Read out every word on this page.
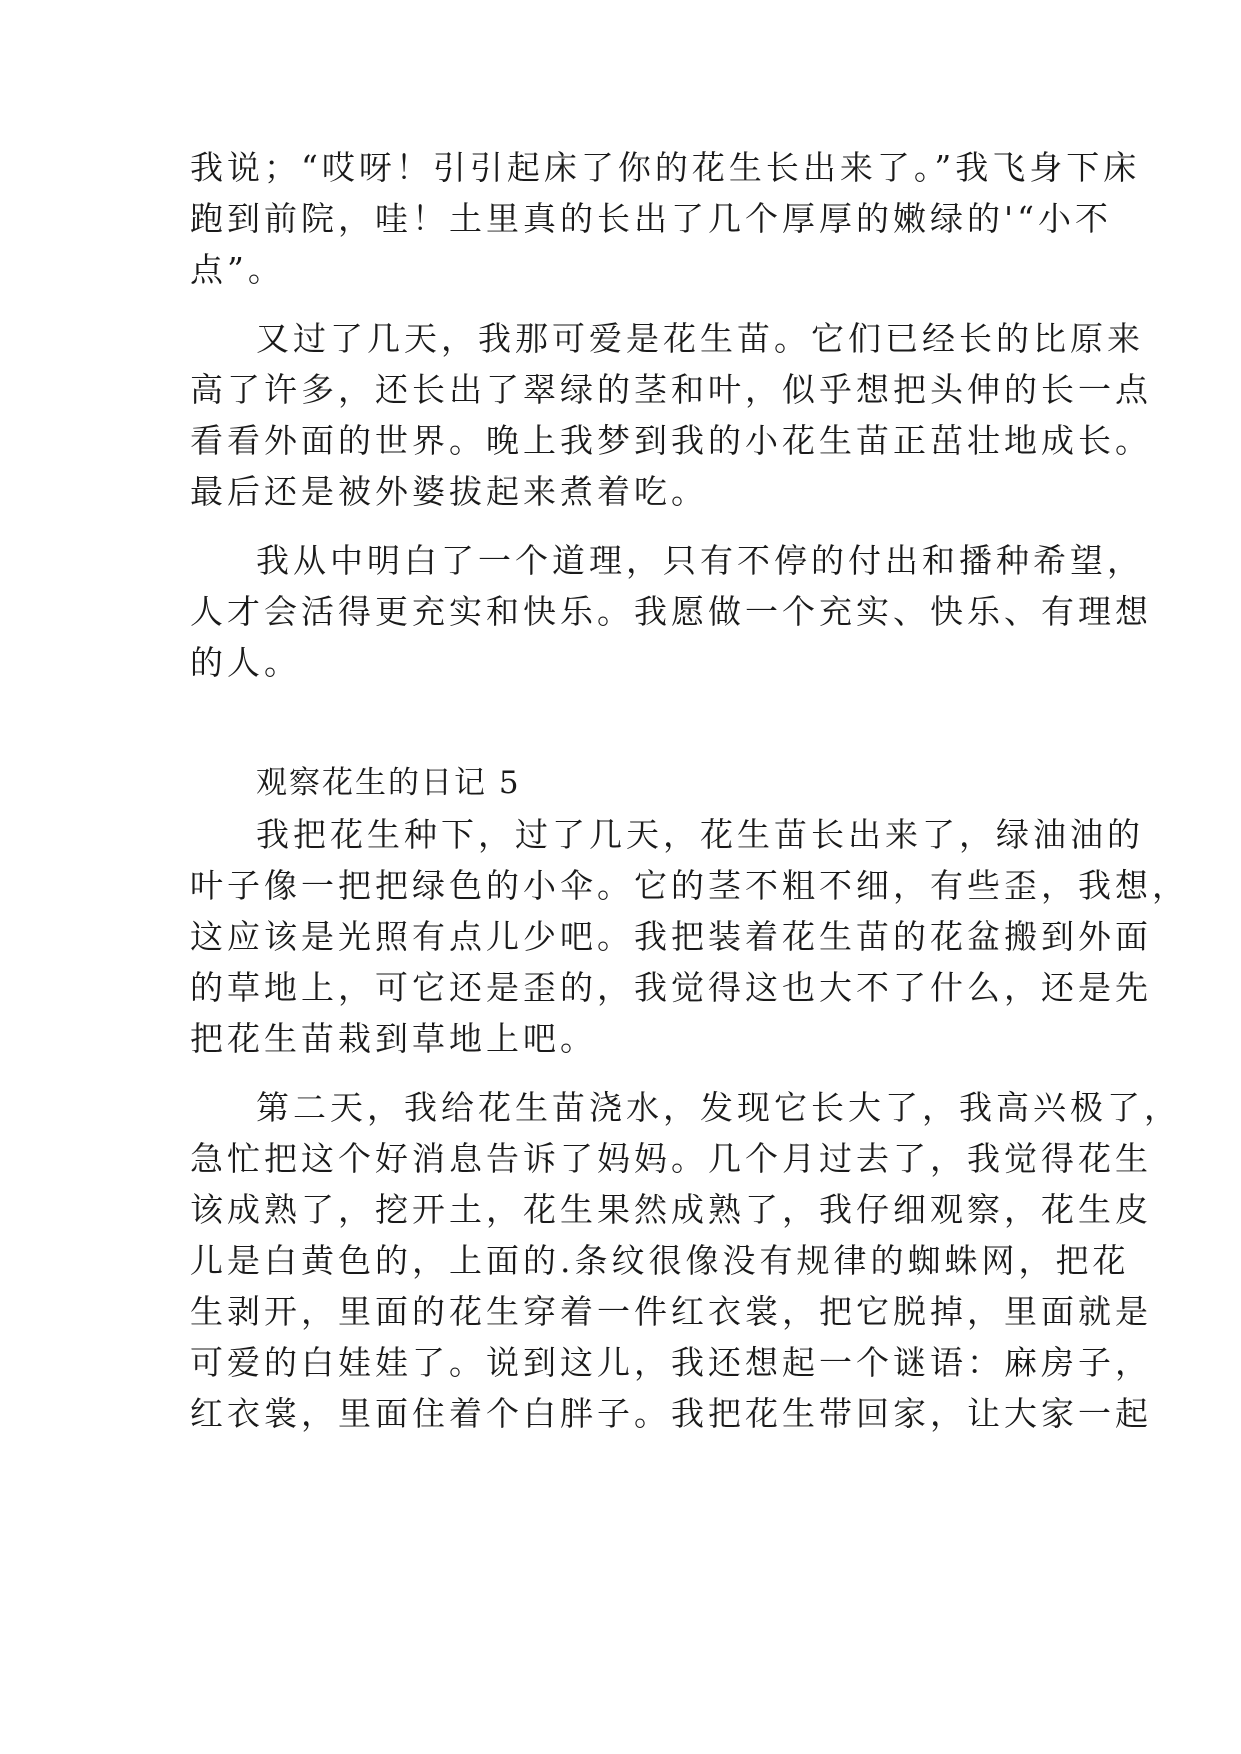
我说；“哎呀！引引起床了你的花生长出来了。”我飞身下床
跑到前院，哇！土里真的长出了几个厚厚的嫩绿的'“小不
点”。
又过了几天，我那可爱是花生苗。它们已经长的比原来
高了许多，还长出了翠绿的茎和叶，似乎想把头伸的长一点
看看外面的世界。晚上我梦到我的小花生苗正茁壮地成长。
最后还是被外婆拔起来煮着吃。
我从中明白了一个道理，只有不停的付出和播种希望，
人才会活得更充实和快乐。我愿做一个充实、快乐、有理想
的人。
观察花生的日记 5
我把花生种下，过了几天，花生苗长出来了，绿油油的
叶子像一把把绿色的小伞。它的茎不粗不细，有些歪，我想，
这应该是光照有点儿少吧。我把装着花生苗的花盆搬到外面
的草地上，可它还是歪的，我觉得这也大不了什么，还是先
把花生苗栽到草地上吧。
第二天，我给花生苗浇水，发现它长大了，我高兴极了，
急忙把这个好消息告诉了妈妈。几个月过去了，我觉得花生
该成熟了，挖开土，花生果然成熟了，我仔细观察，花生皮
儿是白黄色的，上面的.条纹很像没有规律的蜘蛛网，把花
生剥开，里面的花生穿着一件红衣裳，把它脱掉，里面就是
可爱的白娃娃了。说到这儿，我还想起一个谜语：麻房子，
红衣裳，里面住着个白胖子。我把花生带回家，让大家一起
